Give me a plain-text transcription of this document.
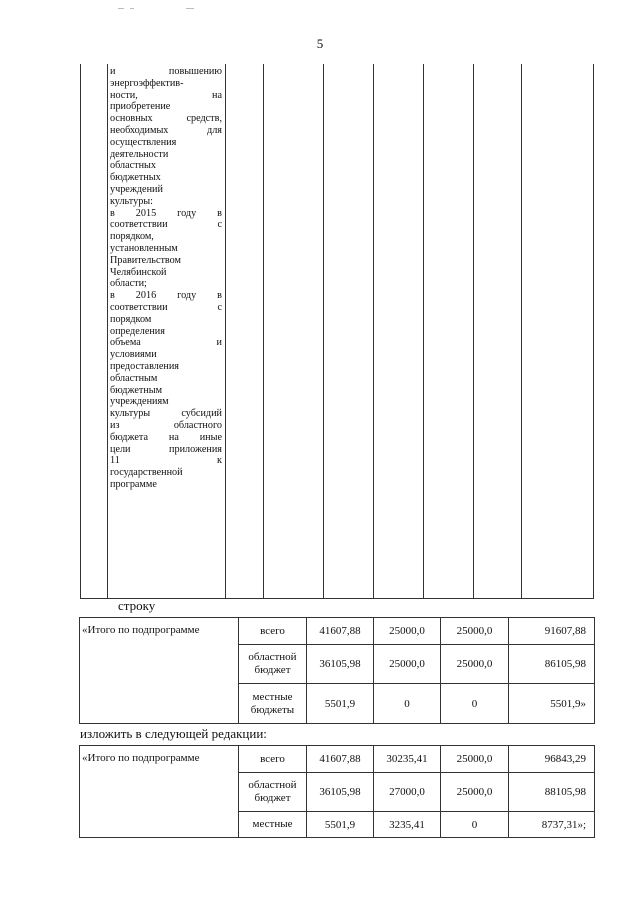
5
и повышению
энергоэффектив-
ности, на
приобретение
основных средств,
необходимых для
осуществления
деятельности
областных
бюджетных
учреждений
культуры:
в 2015 году в
соответствии с
порядком,
установленным
Правительством
Челябинской
области;
в 2016 году в
соответствии с
порядком
определения
объема и
условиями
предоставления
областным
бюджетным
учреждениям
культуры субсидий
из областного
бюджета на иные
цели приложения
11 к
государственной
программе
строку
«Итого по подпрограмме	всего	41607,88	25000,0	25000,0	91607,88
	областной бюджет	36105,98	25000,0	25000,0	86105,98
	местные бюджеты	5501,9	0	0	5501,9»
изложить в следующей редакции:
«Итого по подпрограмме	всего	41607,88	30235,41	25000,0	96843,29
	областной бюджет	36105,98	27000,0	25000,0	88105,98
	местные	5501,9	3235,41	0	8737,31»;
